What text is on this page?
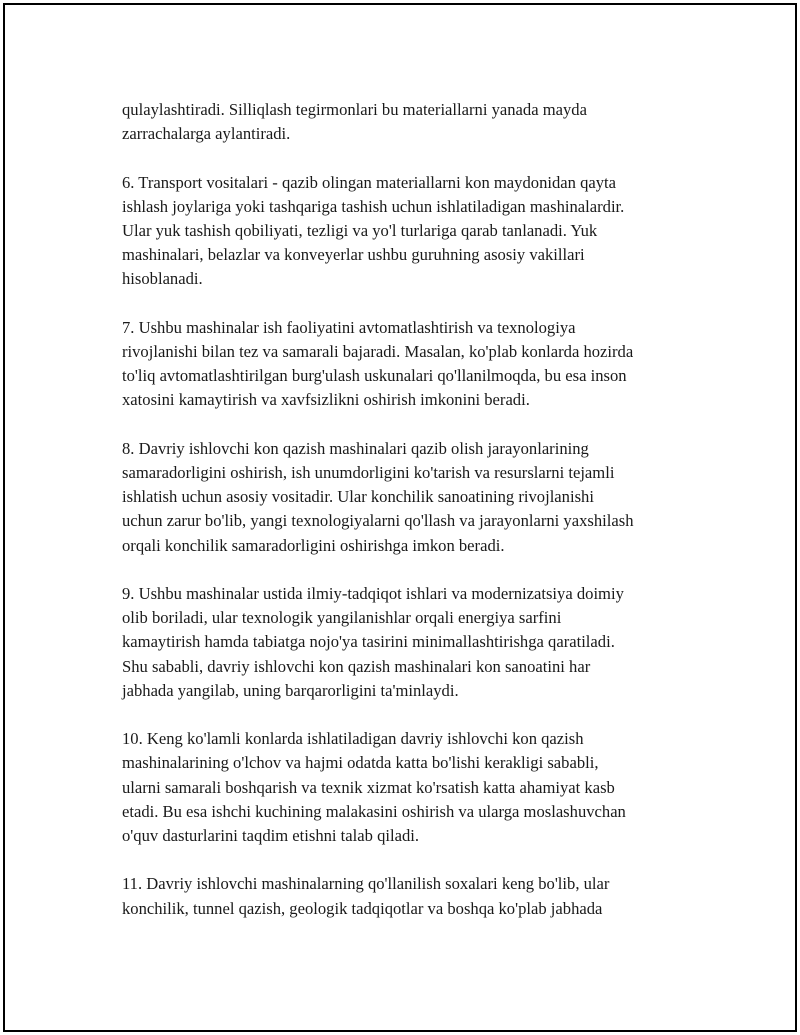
qulaylashtiradi. Silliqlash tegirmonlari bu materiallarni yanada mayda
zarrachalarga aylantiradi.

6. Transport vositalari - qazib olingan materiallarni kon maydonidan qayta
ishlash joylariga yoki tashqariga tashish uchun ishlatiladigan mashinalardir.
Ular yuk tashish qobiliyati, tezligi va yo'l turlariga qarab tanlanadi. Yuk
mashinalari, belazlar va konveyerlar ushbu guruhning asosiy vakillari
hisoblanadi.

7. Ushbu mashinalar ish faoliyatini avtomatlashtirish va texnologiya
rivojlanishi bilan tez va samarali bajaradi. Masalan, ko'plab konlarda hozirda
to'liq avtomatlashtirilgan burg'ulash uskunalari qo'llanilmoqda, bu esa inson
xatosini kamaytirish va xavfsizlikni oshirish imkonini beradi.

8. Davriy ishlovchi kon qazish mashinalari qazib olish jarayonlarining
samaradorligini oshirish, ish unumdorligini ko'tarish va resurslarni tejamli
ishlatish uchun asosiy vositadir. Ular konchilik sanoatining rivojlanishi
uchun zarur bo'lib, yangi texnologiyalarni qo'llash va jarayonlarni yaxshilash
orqali konchilik samaradorligini oshirishga imkon beradi.

9. Ushbu mashinalar ustida ilmiy-tadqiqot ishlari va modernizatsiya doimiy
olib boriladi, ular texnologik yangilanishlar orqali energiya sarfini
kamaytirish hamda tabiatga nojo'ya tasirini minimallashtirishga qaratiladi.
Shu sababli, davriy ishlovchi kon qazish mashinalari kon sanoatini har
jabhada yangilab, uning barqarorligini ta'minlaydi.

10. Keng ko'lamli konlarda ishlatiladigan davriy ishlovchi kon qazish
mashinalarining o'lchov va hajmi odatda katta bo'lishi kerakligi sababli,
ularni samarali boshqarish va texnik xizmat ko'rsatish katta ahamiyat kasb
etadi. Bu esa ishchi kuchining malakasini oshirish va ularga moslashuvchan
o'quv dasturlarini taqdim etishni talab qiladi.

11. Davriy ishlovchi mashinalarning qo'llanilish soxalari keng bo'lib, ular
konchilik, tunnel qazish, geologik tadqiqotlar va boshqa ko'plab jabhada
